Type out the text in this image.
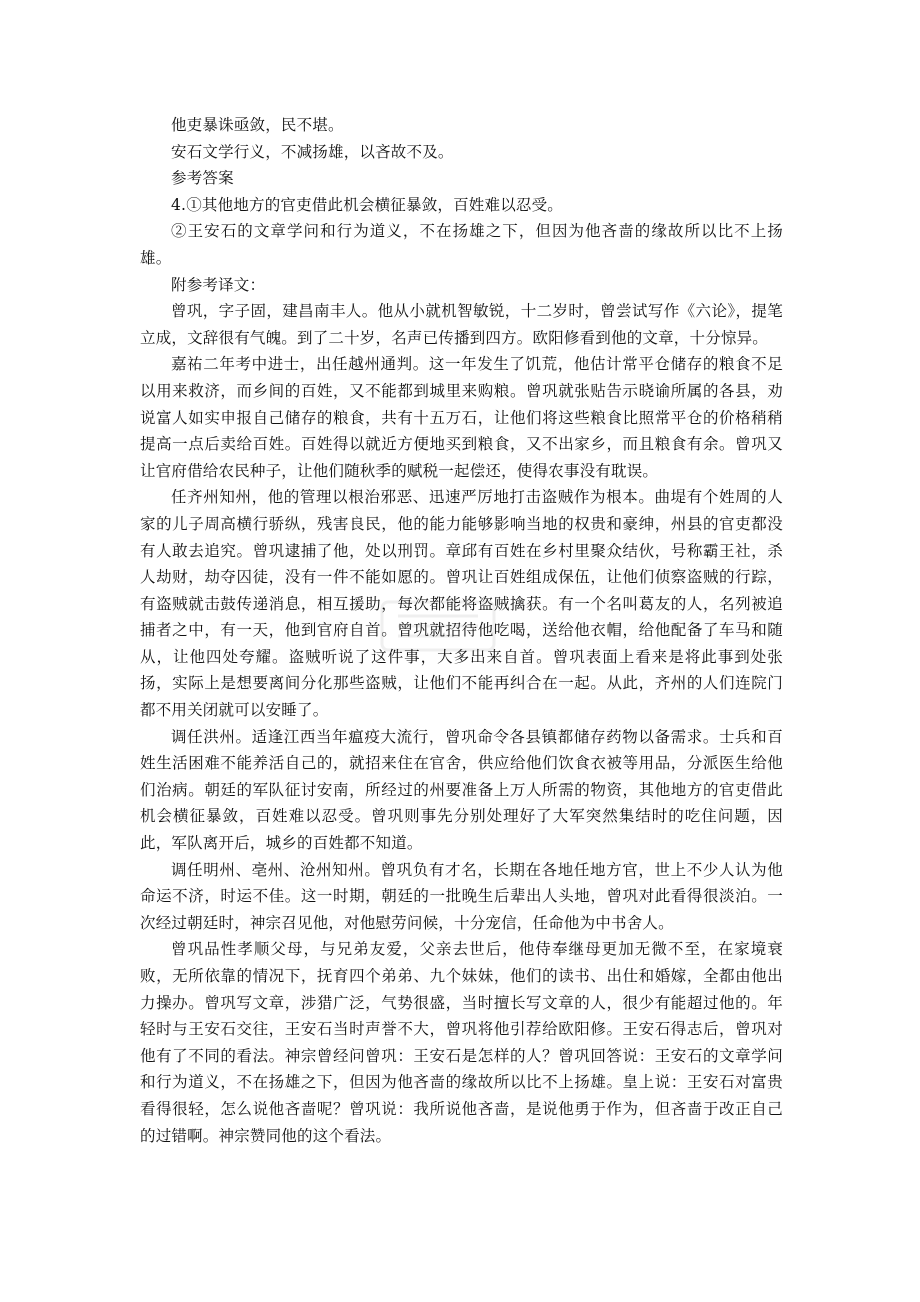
他吏暴诛亟敛，民不堪。

安石文学行义，不减扬雄，以吝故不及。

参考答案

4.①其他地方的官吏借此机会横征暴敛，百姓难以忍受。

②王安石的文章学问和行为道义，不在扬雄之下，但因为他吝啬的缘故所以比不上扬雄。

附参考译文：

曾巩，字子固，建昌南丰人。他从小就机智敏锐，十二岁时，曾尝试写作《六论》，提笔立成，文辞很有气魄。到了二十岁，名声已传播到四方。欧阳修看到他的文章，十分惊异。

嘉祐二年考中进士，出任越州通判。这一年发生了饥荒，他估计常平仓储存的粮食不足以用来救济，而乡间的百姓，又不能都到城里来购粮。曾巩就张贴告示晓谕所属的各县，劝说富人如实申报自己储存的粮食，共有十五万石，让他们将这些粮食比照常平仓的价格稍稍提高一点后卖给百姓。百姓得以就近方便地买到粮食，又不出家乡，而且粮食有余。曾巩又让官府借给农民种子，让他们随秋季的赋税一起偿还，使得农事没有耽误。

任齐州知州，他的管理以根治邪恶、迅速严厉地打击盗贼作为根本。曲堤有个姓周的人家的儿子周高横行骄纵，残害良民，他的能力能够影响当地的权贵和豪绅，州县的官吏都没有人敢去追究。曾巩逮捕了他，处以刑罚。章邱有百姓在乡村里聚众结伙，号称霸王社，杀人劫财，劫夺囚徒，没有一件不能如愿的。曾巩让百姓组成保伍，让他们侦察盗贼的行踪，有盗贼就击鼓传递消息，相互援助，每次都能将盗贼擒获。有一个名叫葛友的人，名列被追捕者之中，有一天，他到官府自首。曾巩就招待他吃喝，送给他衣帽，给他配备了车马和随从，让他四处夸耀。盗贼听说了这件事，大多出来自首。曾巩表面上看来是将此事到处张扬，实际上是想要离间分化那些盗贼，让他们不能再纠合在一起。从此，齐州的人们连院门都不用关闭就可以安睡了。

调任洪州。适逢江西当年瘟疫大流行，曾巩命令各县镇都储存药物以备需求。士兵和百姓生活困难不能养活自己的，就招来住在官舍，供应给他们饮食衣被等用品，分派医生给他们治病。朝廷的军队征讨安南，所经过的州要准备上万人所需的物资，其他地方的官吏借此机会横征暴敛，百姓难以忍受。曾巩则事先分别处理好了大军突然集结时的吃住问题，因此，军队离开后，城乡的百姓都不知道。

调任明州、亳州、沧州知州。曾巩负有才名，长期在各地任地方官，世上不少人认为他命运不济，时运不佳。这一时期，朝廷的一批晚生后辈出人头地，曾巩对此看得很淡泊。一次经过朝廷时，神宗召见他，对他慰劳问候，十分宠信，任命他为中书舍人。

曾巩品性孝顺父母，与兄弟友爱，父亲去世后，他侍奉继母更加无微不至，在家境衰败，无所依靠的情况下，抚育四个弟弟、九个妹妹，他们的读书、出仕和婚嫁，全都由他出力操办。曾巩写文章，涉猎广泛，气势很盛，当时擅长写文章的人，很少有能超过他的。年轻时与王安石交往，王安石当时声誉不大，曾巩将他引荐给欧阳修。王安石得志后，曾巩对他有了不同的看法。神宗曾经问曾巩：王安石是怎样的人？曾巩回答说：王安石的文章学问和行为道义，不在扬雄之下，但因为他吝啬的缘故所以比不上扬雄。皇上说：王安石对富贵看得很轻，怎么说他吝啬呢？曾巩说：我所说他吝啬，是说他勇于作为，但吝啬于改正自己的过错啊。神宗赞同他的这个看法。
